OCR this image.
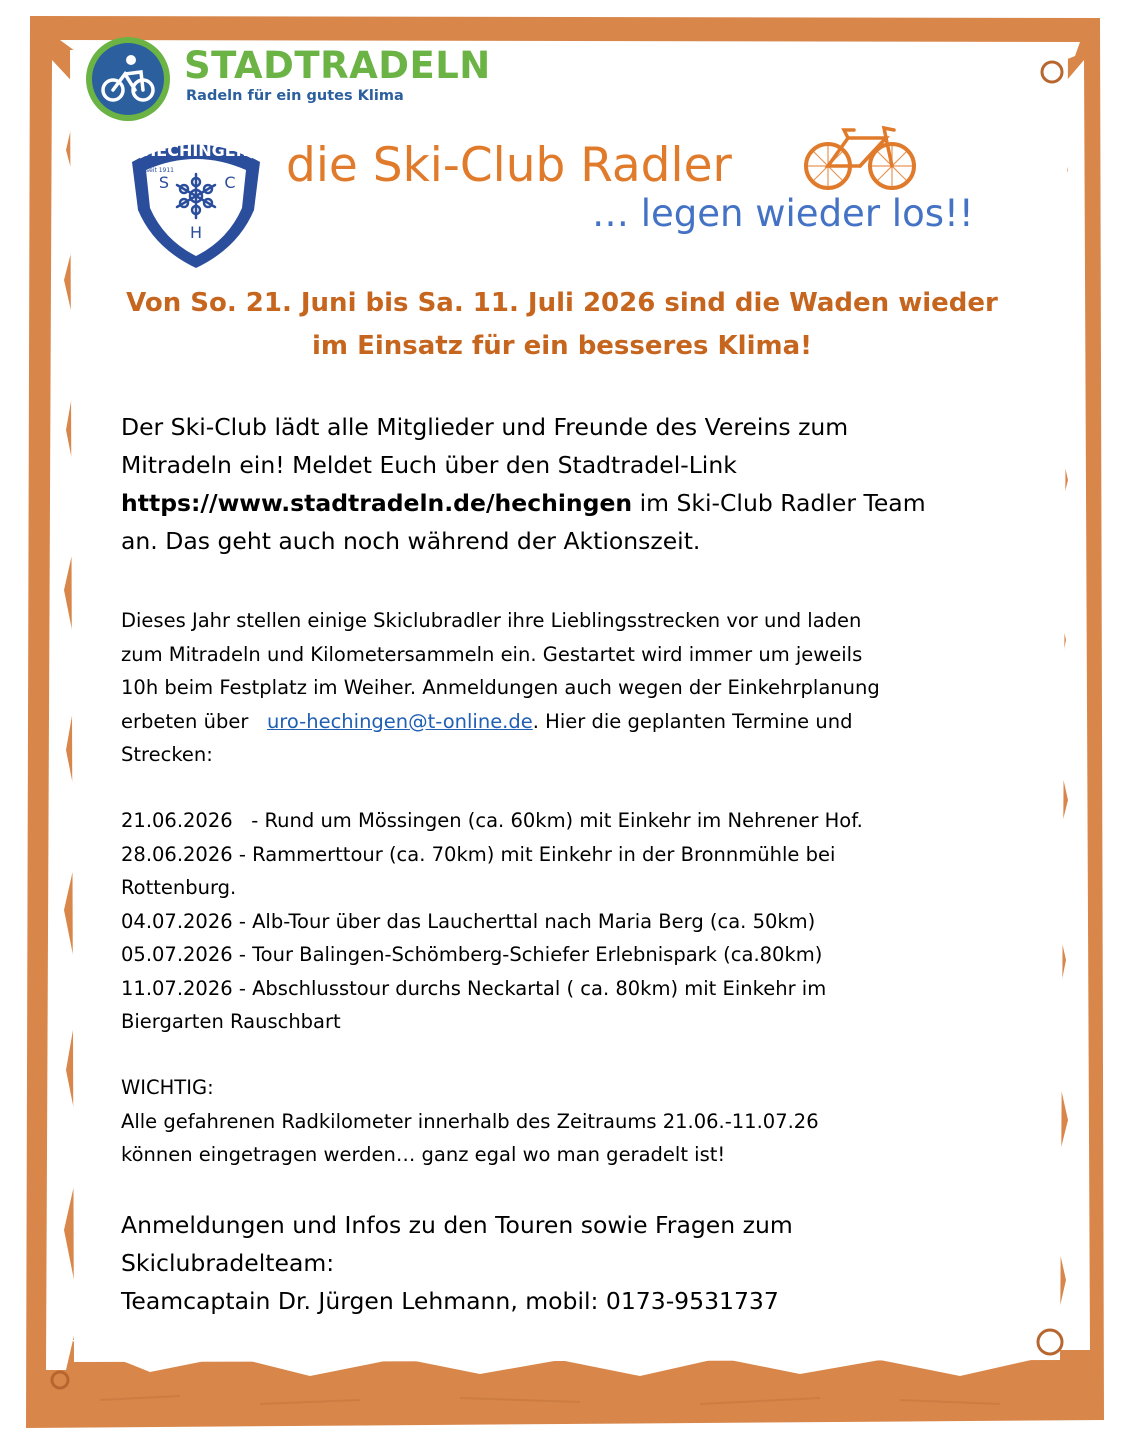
STADTRADELN
Radeln für ein gutes Klima
HECHINGEN
seit 1911
S	C
H
die Ski-Club Radler
… legen wieder los!!
Von So. 21. Juni bis Sa. 11. Juli 2026 sind die Waden wieder
im Einsatz für ein besseres Klima!
Der Ski-Club lädt alle Mitglieder und Freunde des Vereins zum
Mitradeln ein! Meldet Euch über den Stadtradel-Link
https://www.stadtradeln.de/hechingen im Ski-Club Radler Team
an. Das geht auch noch während der Aktionszeit.
Dieses Jahr stellen einige Skiclubradler ihre Lieblingsstrecken vor und laden
zum Mitradeln und Kilometersammeln ein. Gestartet wird immer um jeweils
10h beim Festplatz im Weiher. Anmeldungen auch wegen der Einkehrplanung
erbeten über   uro-hechingen@t-online.de. Hier die geplanten Termine und
Strecken:
21.06.2026   - Rund um Mössingen (ca. 60km) mit Einkehr im Nehrener Hof.
28.06.2026 - Rammerttour (ca. 70km) mit Einkehr in der Bronnmühle bei
Rottenburg.
04.07.2026 - Alb-Tour über das Laucherttal nach Maria Berg (ca. 50km)
05.07.2026 - Tour Balingen-Schömberg-Schiefer Erlebnispark (ca.80km)
11.07.2026 - Abschlusstour durchs Neckartal ( ca. 80km) mit Einkehr im
Biergarten Rauschbart
WICHTIG:
Alle gefahrenen Radkilometer innerhalb des Zeitraums 21.06.-11.07.26
können eingetragen werden… ganz egal wo man geradelt ist!
Anmeldungen und Infos zu den Touren sowie Fragen zum
Skiclubradelteam:
Teamcaptain Dr. Jürgen Lehmann, mobil: 0173-9531737
